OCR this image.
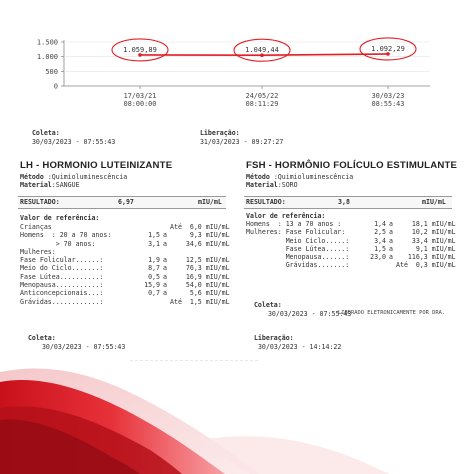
1.500
1.000
500
0
1.059,89
17/03/21
08:00:00
1.049,44
24/05/22
08:11:29
1.092,29
30/03/23
08:55:43

Coleta:
30/03/2023 - 07:55:43

Liberação:
31/03/2023 - 09:27:27

LH - HORMONIO LUTEINIZANTE
Método :Quimioluminescência
Material:SANGUE
RESULTADO:	6,97	mIU/mL
Valor de referência:
Crianças			Até  6,0	mIU/mL
Homens  : 20 a 70 anos:	1,5	a	9,3	mIU/mL
> 70 anos:	3,1	a	34,6	mIU/mL
Mulheres:				
Fase Folicular......:	1,9	a	12,5	mIU/mL
Meio do Ciclo.......:	8,7	a	76,3	mIU/mL
Fase Lútea..........:	0,5	a	16,9	mIU/mL
Menopausa...........:	15,9	a	54,0	mIU/mL
Anticoncepcionais...:	0,7	a	5,6	mIU/mL
Grávidas............:			Até  1,5	mIU/mL

Coleta:
30/03/2023 - 07:55:43

FSH - HORMÔNIO FOLÍCULO ESTIMULANTE
Método :Quimioluminescência
Material:SORO
RESULTADO:	3,8	mIU/mL
Valor de referência:
Homens  : 13 a 70 anos :	1,4	a	18,1	mIU/mL

Mulheres: Fase Folicular:	2,5	a	10,2	mIU/mL
Meio Ciclo.....:	3,4	a	33,4	mIU/mL
Fase Lútea.....:	1,5	a	9,1	mIU/mL
Menopausa......:	23,0	a	116,3	mIU/mL
Grávidas.......:			Até  0,3	mIU/mL

Coleta:
30/03/2023 - 07:55:43

LIBERADO ELETRONICAMENTE POR DRA.

Liberação:
30/03/2023 - 14:14:22
